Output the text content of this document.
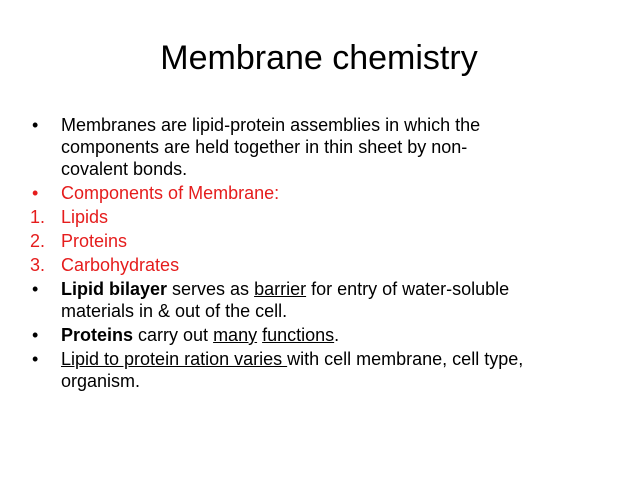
Membrane chemistry
•	Membranes are lipid-protein assemblies in which the
components are held together in thin sheet by non-
covalent bonds.
•	Components of Membrane:
1. Lipids
2. Proteins
3. Carbohydrates
•	Lipid bilayer serves as barrier for entry of water-soluble
materials in & out of the cell.
•	Proteins carry out many functions.
•	Lipid to protein ration varies with cell membrane, cell type,
organism.
